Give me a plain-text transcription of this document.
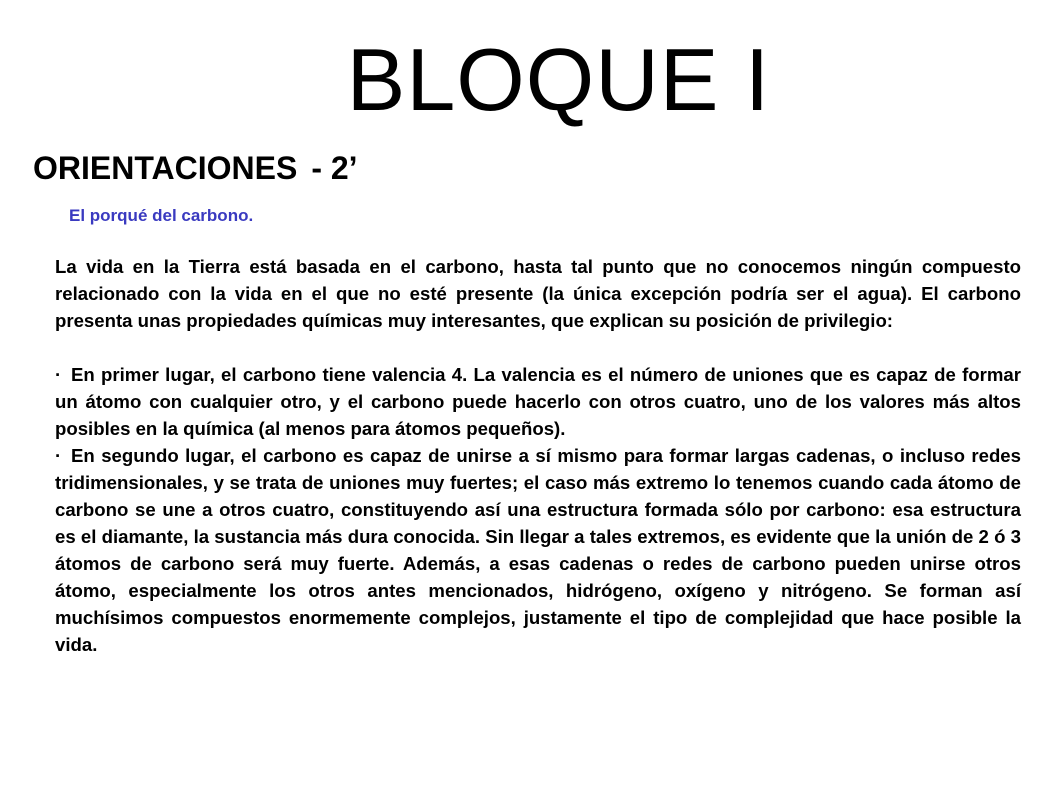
BLOQUE I
ORIENTACIONES - 2’
El porqué del carbono.

La vida en la Tierra está basada en el carbono, hasta tal punto que no conocemos ningún compuesto relacionado con la vida en el que no esté presente (la única excepción podría ser el agua). El carbono presenta unas propiedades químicas muy interesantes, que explican su posición de privilegio:

· En primer lugar, el carbono tiene valencia 4. La valencia es el número de uniones que es capaz de formar un átomo con cualquier otro, y el carbono puede hacerlo con otros cuatro, uno de los valores más altos posibles en la química (al menos para átomos pequeños).

· En segundo lugar, el carbono es capaz de unirse a sí mismo para formar largas cadenas, o incluso redes tridimensionales, y se trata de uniones muy fuertes; el caso más extremo lo tenemos cuando cada átomo de carbono se une a otros cuatro, constituyendo así una estructura formada sólo por carbono: esa estructura es el diamante, la sustancia más dura conocida. Sin llegar a tales extremos, es evidente que la unión de 2 ó 3 átomos de carbono será muy fuerte. Además, a esas cadenas o redes de carbono pueden unirse otros átomo, especialmente los otros antes mencionados, hidrógeno, oxígeno y nitrógeno. Se forman así muchísimos compuestos enormemente complejos, justamente el tipo de complejidad que hace posible la vida.
